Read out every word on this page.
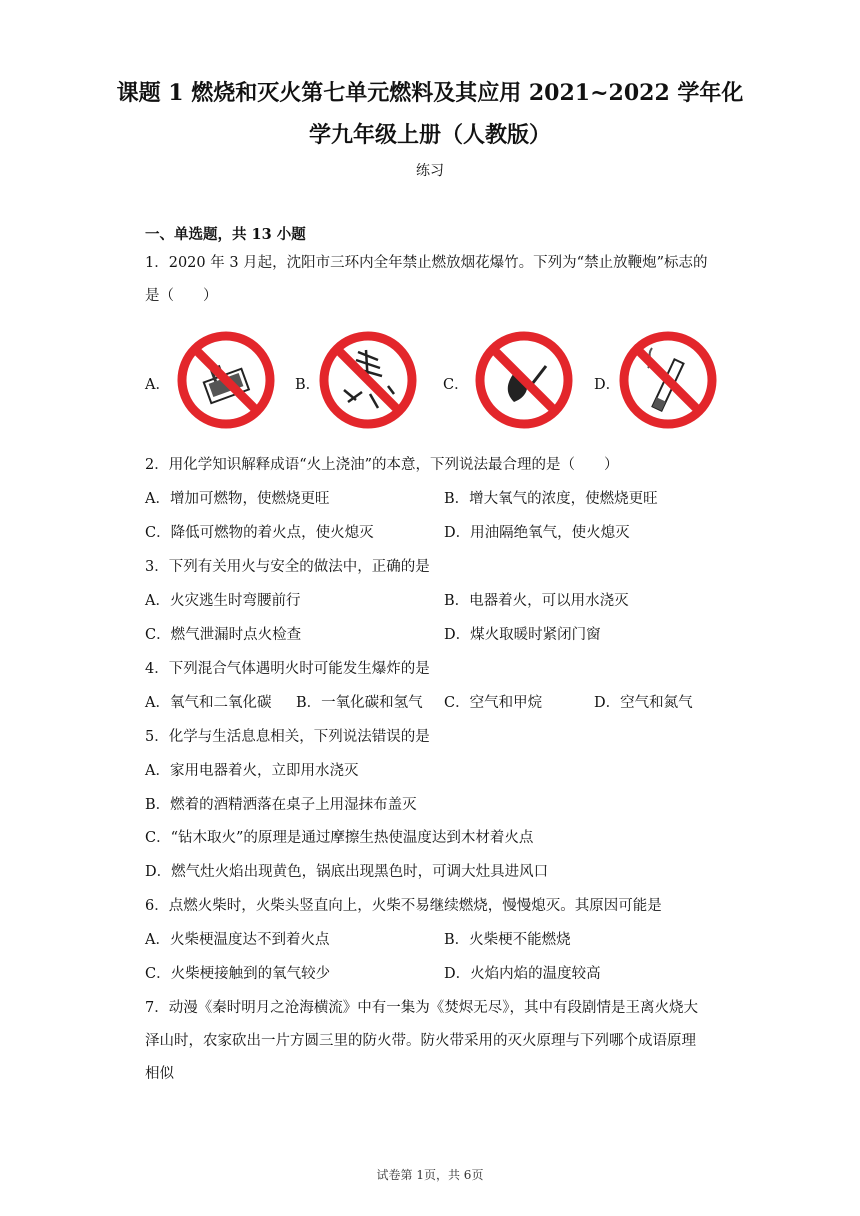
课题 1 燃烧和灭火第七单元燃料及其应用 2021~2022 学年化
学九年级上册（人教版）
练习
一、单选题，共 13 小题
1．2020 年 3 月起，沈阳市三环内全年禁止燃放烟花爆竹。下列为“禁止放鞭炮”标志的
是（　　）
A．	B．	C．	D．
2．用化学知识解释成语“火上浇油”的本意，下列说法最合理的是（　　）
A．增加可燃物，使燃烧更旺	B．增大氧气的浓度，使燃烧更旺
C．降低可燃物的着火点，使火熄灭	D．用油隔绝氧气，使火熄灭
3．下列有关用火与安全的做法中，正确的是
A．火灾逃生时弯腰前行	B．电器着火，可以用水浇灭
C．燃气泄漏时点火检查	D．煤火取暖时紧闭门窗
4．下列混合气体遇明火时可能发生爆炸的是
A．氧气和二氧化碳 B．一氧化碳和氢气 C．空气和甲烷	D．空气和氮气
5．化学与生活息息相关，下列说法错误的是
A．家用电器着火，立即用水浇灭
B．燃着的酒精洒落在桌子上用湿抹布盖灭
C．“钻木取火”的原理是通过摩擦生热使温度达到木材着火点
D．燃气灶火焰出现黄色，锅底出现黑色时，可调大灶具进风口
6．点燃火柴时，火柴头竖直向上，火柴不易继续燃烧，慢慢熄灭。其原因可能是
A．火柴梗温度达不到着火点	B．火柴梗不能燃烧
C．火柴梗接触到的氧气较少	D．火焰内焰的温度较高
7．动漫《秦时明月之沧海横流》中有一集为《焚烬无尽》，其中有段剧情是王离火烧大
泽山时，农家砍出一片方圆三里的防火带。防火带采用的灭火原理与下列哪个成语原理
相似
试卷第 1页，共 6页
